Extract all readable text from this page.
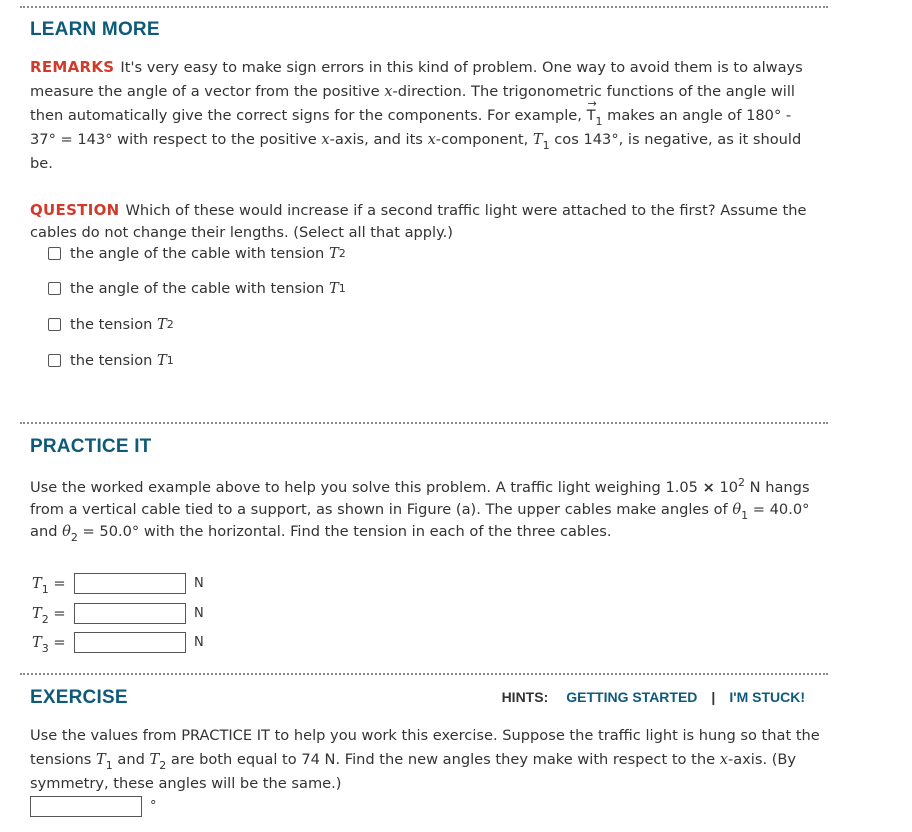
LEARN MORE
REMARKS It's very easy to make sign errors in this kind of problem. One way to avoid them is to always measure the angle of a vector from the positive x-direction. The trigonometric functions of the angle will then automatically give the correct signs for the components. For example,
→
$T_1$ makes an angle of 180° - 37° = 143° with respect to the positive x-axis, and its x-component, $T_1$ cos 143°, is negative, as it should be.
QUESTION Which of these would increase if a second traffic light were attached to the first? Assume the cables do not change their lengths. (Select all that apply.)
the angle of the cable with tension
T 2
the angle of the cable with tension
T 1
the tension
T 2
the tension
T 1
PRACTICE IT
Use the worked example above to help you solve this problem. A traffic light weighing $1.05 \times 10^2$ N hangs from a vertical cable tied to a support, as shown in Figure (a). The upper cables make angles of $\theta_1 = 40.0^\circ$ and $\theta_2 = 50.0^\circ$ with the horizontal. Find the tension in each of the three cables.
$T_1$ =	N
$T_2$ =	N
$T_3$ =	N
EXERCISE	HINTS: GETTING STARTED | I'M STUCK!
Use the values from PRACTICE IT to help you work this exercise. Suppose the traffic light is hung so that the tensions $T_1$ and $T_2$ are both equal to 74 N. Find the new angles they make with respect to the x-axis. (By symmetry, these angles will be the same.)
°
